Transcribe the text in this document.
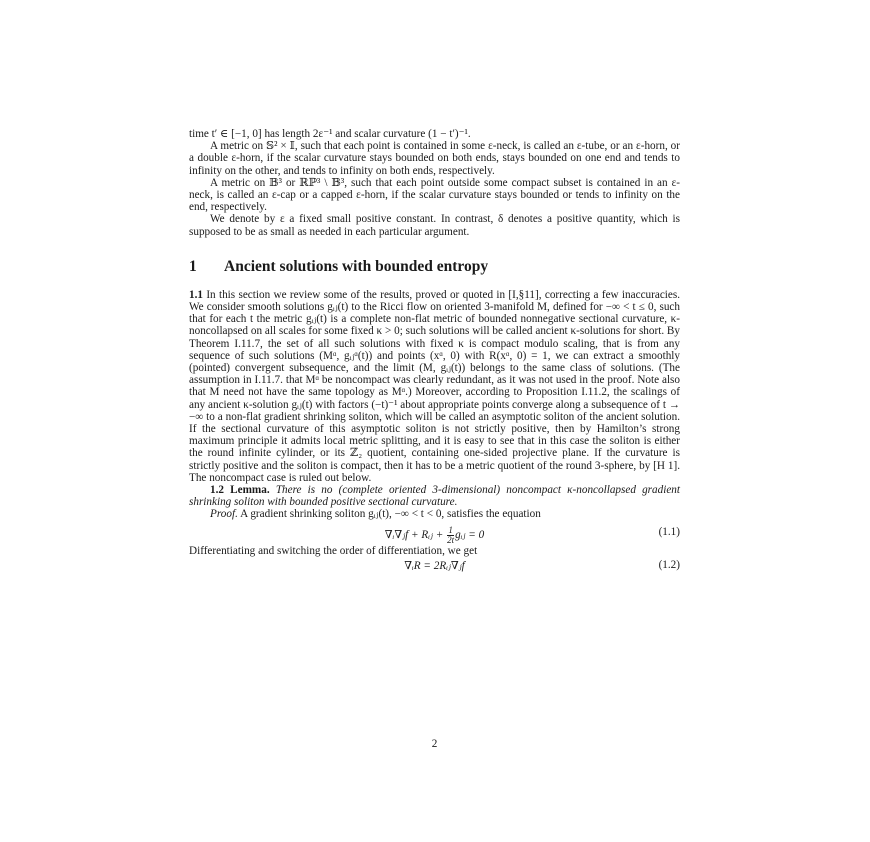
time t′ ∈ [−1, 0] has length 2ε⁻¹ and scalar curvature (1 − t′)⁻¹.

A metric on 𝕊² × 𝕀, such that each point is contained in some ε-neck, is called an ε-tube, or an ε-horn, or a double ε-horn, if the scalar curvature stays bounded on both ends, stays bounded on one end and tends to infinity on the other, and tends to infinity on both ends, respectively.

A metric on 𝔹³ or ℝℙ³ \ 𝔹³, such that each point outside some compact subset is contained in an ε-neck, is called an ε-cap or a capped ε-horn, if the scalar curvature stays bounded or tends to infinity on the end, respectively.

We denote by ε a fixed small positive constant. In contrast, δ denotes a positive quantity, which is supposed to be as small as needed in each particular argument.

1 Ancient solutions with bounded entropy

1.1 In this section we review some of the results, proved or quoted in [I,§11], correcting a few inaccuracies. We consider smooth solutions gᵢⱼ(t) to the Ricci flow on oriented 3-manifold M, defined for −∞ < t ≤ 0, such that for each t the metric gᵢⱼ(t) is a complete non-flat metric of bounded nonnegative sectional curvature, κ-noncollapsed on all scales for some fixed κ > 0; such solutions will be called ancient κ-solutions for short. By Theorem I.11.7, the set of all such solutions with fixed κ is compact modulo scaling, that is from any sequence of such solutions (Mᵅ, gᵢⱼᵅ(t)) and points (xᵅ, 0) with R(xᵅ, 0) = 1, we can extract a smoothly (pointed) convergent subsequence, and the limit (M, gᵢⱼ(t)) belongs to the same class of solutions. (The assumption in I.11.7. that Mᵅ be noncompact was clearly redundant, as it was not used in the proof. Note also that M need not have the same topology as Mᵅ.) Moreover, according to Proposition I.11.2, the scalings of any ancient κ-solution gᵢⱼ(t) with factors (−t)⁻¹ about appropriate points converge along a subsequence of t → −∞ to a non-flat gradient shrinking soliton, which will be called an asymptotic soliton of the ancient solution. If the sectional curvature of this asymptotic soliton is not strictly positive, then by Hamilton’s strong maximum principle it admits local metric splitting, and it is easy to see that in this case the soliton is either the round infinite cylinder, or its ℤ₂ quotient, containing one-sided projective plane. If the curvature is strictly positive and the soliton is compact, then it has to be a metric quotient of the round 3-sphere, by [H 1]. The noncompact case is ruled out below.

1.2 Lemma. There is no (complete oriented 3-dimensional) noncompact κ-noncollapsed gradient shrinking soliton with bounded positive sectional curvature.

Proof. A gradient shrinking soliton gᵢⱼ(t), −∞ < t < 0, satisfies the equation

∇ᵢ∇ⱼf + Rᵢⱼ + $\frac{1}{2t}$ gᵢⱼ = 0	(1.1)

Differentiating and switching the order of differentiation, we get

∇ᵢR = 2Rᵢⱼ∇ⱼf	(1.2)
2
